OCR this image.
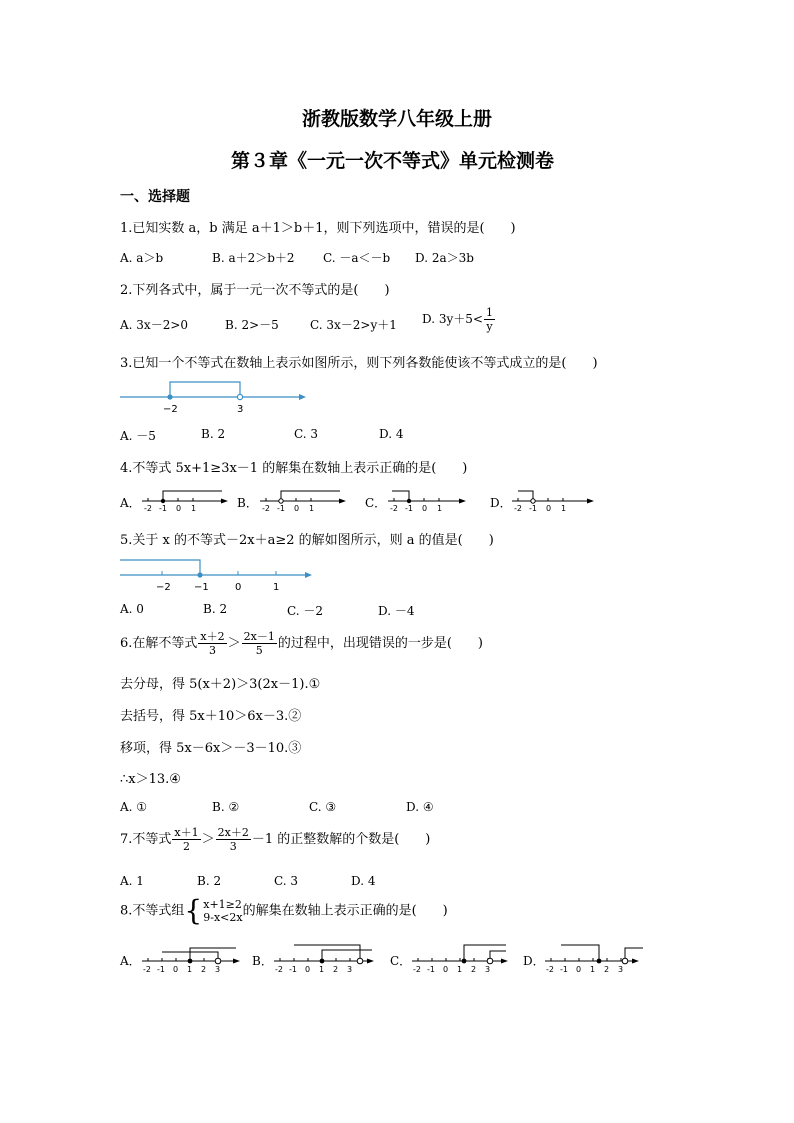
浙教版数学八年级上册
第３章《一元一次不等式》单元检测卷
一、选择题
1.已知实数 a，b 满足 a＋1＞b＋1，则下列选项中，错误的是(　　)
A. a＞b	B. a＋2＞b＋2 C. －a＜－b D. 2a＞3b
2.下列各式中，属于一元一次不等式的是(　　)
A. 3x－2>0	B. 2>－5	C. 3x－2>y＋1 D. $3y+5< \frac{1}{y}$
3.已知一个不等式在数轴上表示如图所示，则下列各数能使该不等式成立的是(　　)
−2	3
A. －5	B. 2	C. 3	D. 4
4.不等式 5x+1≥3x－1 的解集在数轴上表示正确的是(　　)
A．	B．	C．	D．
-2 -1 0 1	-2 -1 0 1	-2 -1 0 1	-2 -1 0 1
5.关于 x 的不等式－2x＋a≥2 的解如图所示，则 a 的值是(　　)
−2 −1	0	1
A. 0	B. 2	C. －2	D. －4
6.在解不等式 $\frac{x+2}{3} > \frac{2x-1}{5}$ 的过程中，出现错误的一步是(　　)
去分母，得 5(x＋2)＞3(2x－1).①
去括号，得 5x＋10＞6x－3.②
移项，得 5x－6x＞－3－10.③
∴x＞13.④
A. ①	B. ②	C. ③	D. ④
7.不等式 $\frac{x+1}{2} > \frac{2x+2}{3} -1$ 的正整数解的个数是(　　)
A. 1	B. 2	C. 3	D. 4
8.不等式组{ x+1≥2
9-x<2x 的解集在数轴上表示正确的是(　　)
A．	B．	C．	D．
-2 -1 0 1 2 3	-2 -1 0 1 2 3	-2 -1 0 1 2 3	-2 -1 0 1 2 3
